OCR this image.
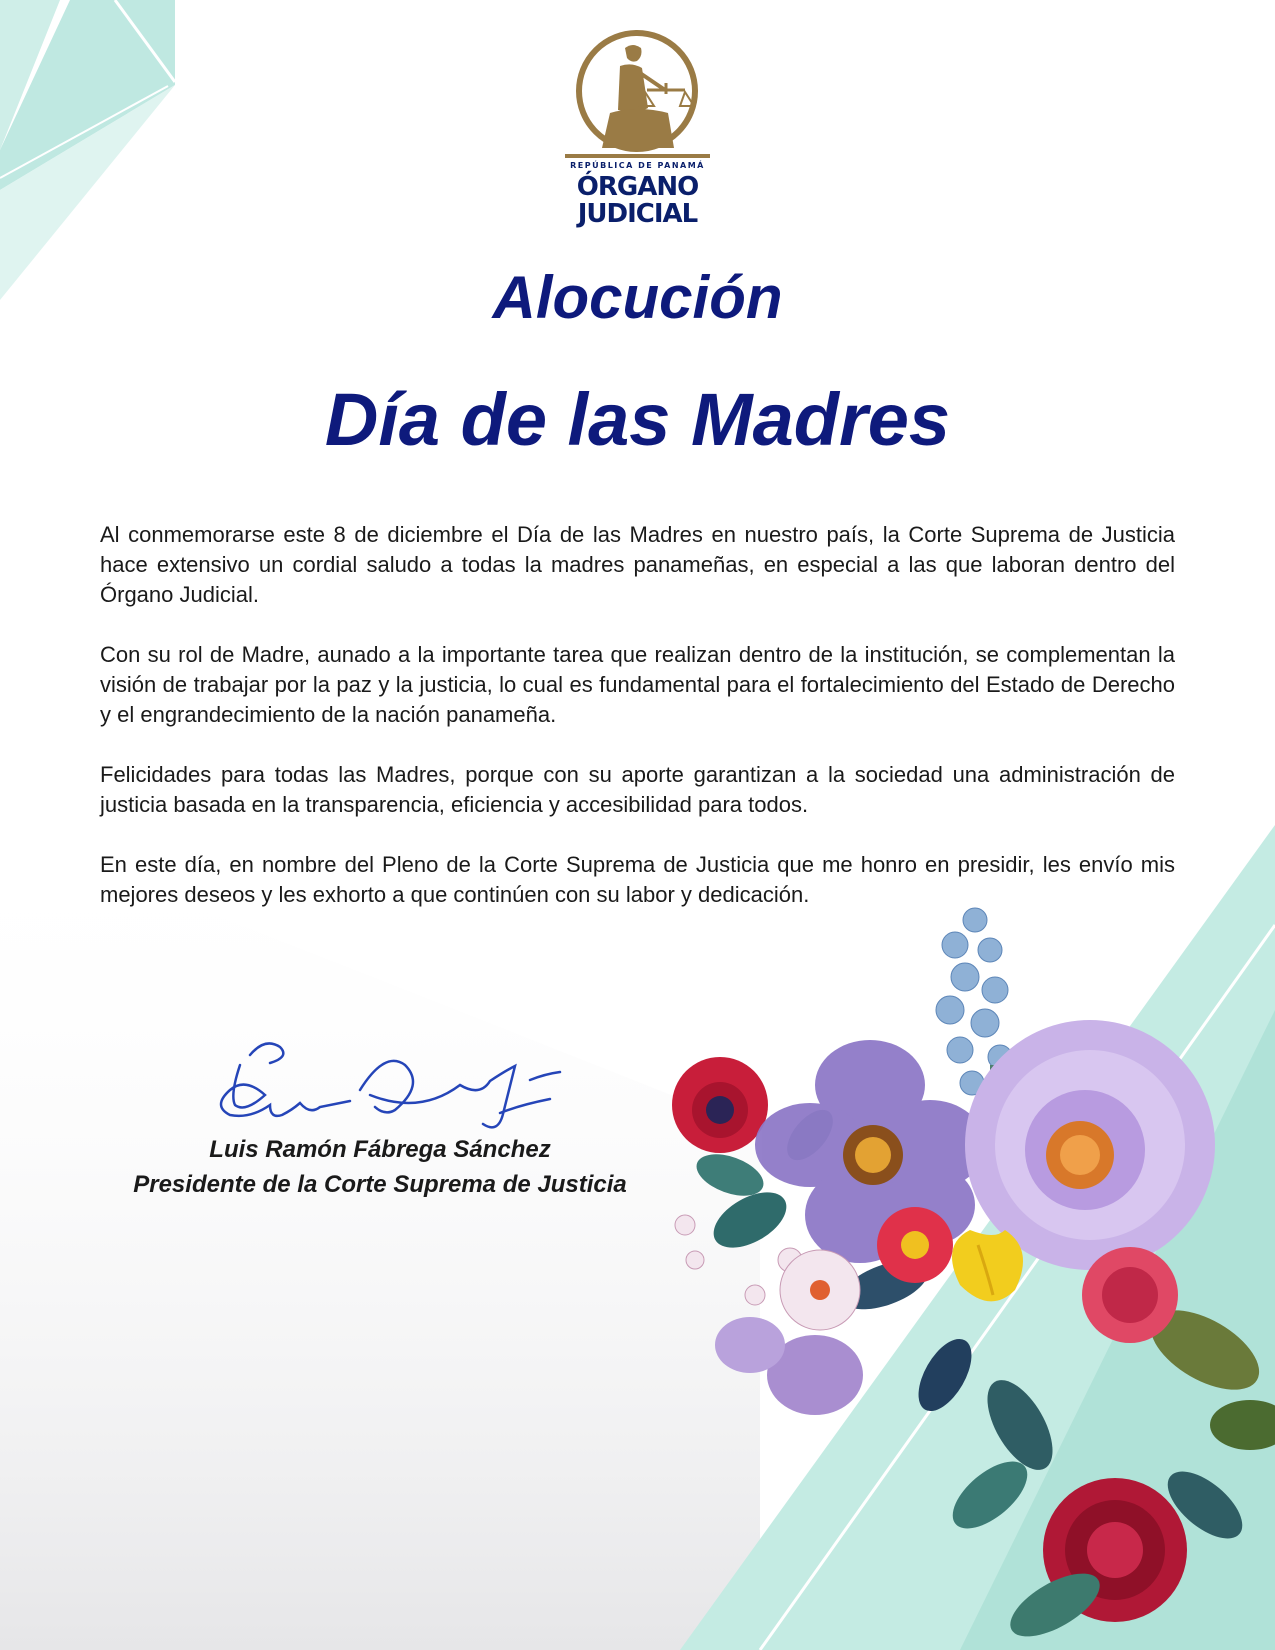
REPÚBLICA DE PANAMÁ
ÓRGANO
JUDICIAL
Alocución
Día de las Madres

Al conmemorarse este 8 de diciembre el Día de las Madres en nuestro país, la Corte Suprema de Justicia hace extensivo un cordial saludo a todas la madres panameñas, en especial a las que laboran dentro del Órgano Judicial.

Con su rol de Madre, aunado a la importante tarea que realizan dentro de la institución, se complementan la visión de trabajar por la paz y la justicia, lo cual es fundamental para el fortalecimiento del Estado de Derecho y el engrandecimiento de la nación panameña.

Felicidades para todas las Madres, porque con su aporte garantizan a la sociedad una administración de justicia basada en la transparencia, eficiencia y accesibilidad para todos.

En este día, en nombre del Pleno de la Corte Suprema de Justicia que me honro en presidir, les envío mis mejores deseos y les exhorto a que continúen con su labor y dedicación.

Luis Ramón Fábrega Sánchez
Presidente de la Corte Suprema de Justicia
